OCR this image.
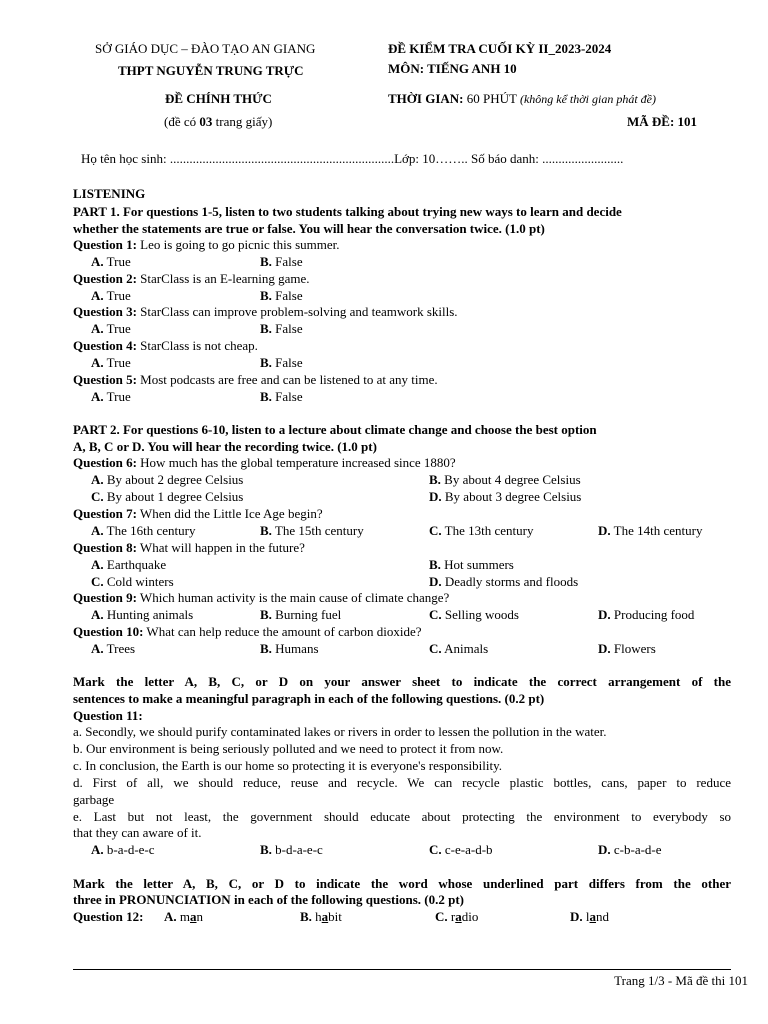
SỞ GIÁO DỤC – ĐÀO TẠO AN GIANG
THPT NGUYỄN TRUNG TRỰC
ĐỀ CHÍNH THỨC
(đề có 03 trang giấy)
ĐỀ KIỂM TRA CUỐI KỲ II_2023-2024
MÔN: TIẾNG ANH 10
THỜI GIAN: 60 PHÚT (không kể thời gian phát đề)
MÃ ĐỀ: 101
Họ tên học sinh: .....................................................................Lớp: 10…….. Số báo danh: .........................
LISTENING
PART 1. For questions 1-5, listen to two students talking about trying new ways to learn and decide
whether the statements are true or false. You will hear the conversation twice. (1.0 pt)
Question 1: Leo is going to go picnic this summer.
A. True	B. False
Question 2: StarClass is an E-learning game.
A. True	B. False
Question 3: StarClass can improve problem-solving and teamwork skills.
A. True	B. False
Question 4: StarClass is not cheap.
A. True	B. False
Question 5: Most podcasts are free and can be listened to at any time.
A. True	B. False
PART 2. For questions 6-10, listen to a lecture about climate change and choose the best option
A, B, C or D. You will hear the recording twice. (1.0 pt)
Question 6: How much has the global temperature increased since 1880?
A. By about 2 degree Celsius	B. By about 4 degree Celsius
C. By about 1 degree Celsius	D. By about 3 degree Celsius
Question 7: When did the Little Ice Age begin?
A. The 16th century	B. The 15th century	C. The 13th century	D. The 14th century
Question 8: What will happen in the future?
A. Earthquake	B. Hot summers
C. Cold winters	D. Deadly storms and floods
Question 9: Which human activity is the main cause of climate change?
A. Hunting animals	B. Burning fuel	C. Selling woods	D. Producing food
Question 10: What can help reduce the amount of carbon dioxide?
A. Trees	B. Humans	C. Animals	D. Flowers
Mark the letter A, B, C, or D on your answer sheet to indicate the correct arrangement of the
sentences to make a meaningful paragraph in each of the following questions. (0.2 pt)
Question 11:
a. Secondly, we should purify contaminated lakes or rivers in order to lessen the pollution in the water.
b. Our environment is being seriously polluted and we need to protect it from now.
c. In conclusion, the Earth is our home so protecting it is everyone's responsibility.
d. First of all, we should reduce, reuse and recycle. We can recycle plastic bottles, cans, paper to reduce
garbage
e. Last but not least, the government should educate about protecting the environment to everybody so
that they can aware of it.
A. b-a-d-e-c	B. b-d-a-e-c	C. c-e-a-d-b	D. c-b-a-d-e
Mark the letter A, B, C, or D to indicate the word whose underlined part differs from the other
three in PRONUNCIATION in each of the following questions. (0.2 pt)
Question 12: A. man	B. habit	C. radio	D. land
Trang 1/3 - Mã đề thi 101
